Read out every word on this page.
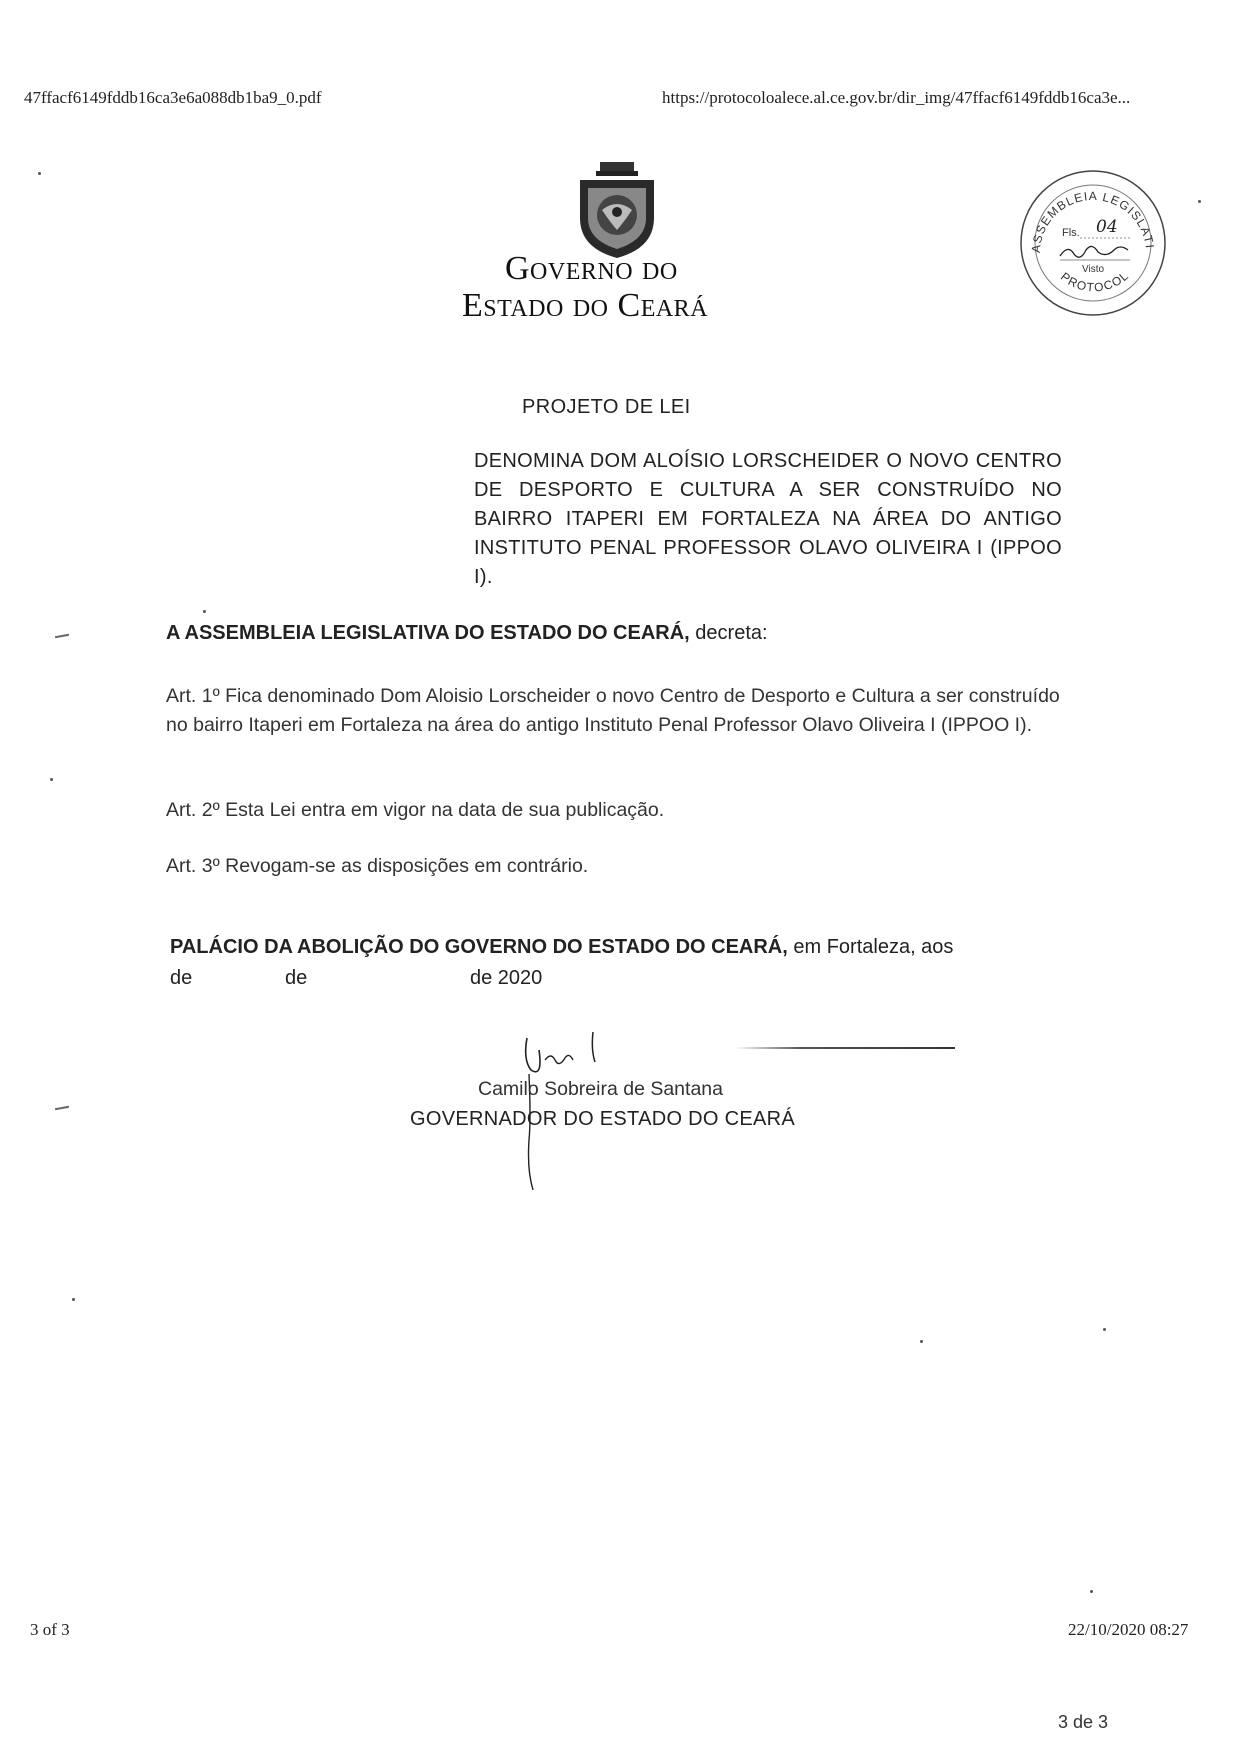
47ffacf6149fddb16ca3e6a088db1ba9_0.pdf	https://protocoloalece.al.ce.gov.br/dir_img/47ffacf6149fddb16ca3e...
Governo do
Estado do Ceará
ASSEMBLEIA LEGISLATI
PROTOCOL
Fls. 04
Visto
PROJETO DE LEI
DENOMINA DOM ALOÍSIO LORSCHEIDER O NOVO CENTRO DE DESPORTO E CULTURA A SER CONSTRUÍDO NO BAIRRO ITAPERI EM FORTALEZA NA ÁREA DO ANTIGO INSTITUTO PENAL PROFESSOR OLAVO OLIVEIRA I (IPPOO I).
A ASSEMBLEIA LEGISLATIVA DO ESTADO DO CEARÁ, decreta:
Art. 1º Fica denominado Dom Aloisio Lorscheider o novo Centro de Desporto e Cultura a ser construído no bairro Itaperi em Fortaleza na área do antigo Instituto Penal Professor Olavo Oliveira I (IPPOO I).
Art. 2º Esta Lei entra em vigor na data de sua publicação.
Art. 3º Revogam-se as disposições em contrário.
PALÁCIO DA ABOLIÇÃO DO GOVERNO DO ESTADO DO CEARÁ, em Fortaleza, aos
de	de	de 2020
Camilo Sobreira de Santana
GOVERNADOR DO ESTADO DO CEARÁ
3 of 3	22/10/2020 08:27
3 de 3
